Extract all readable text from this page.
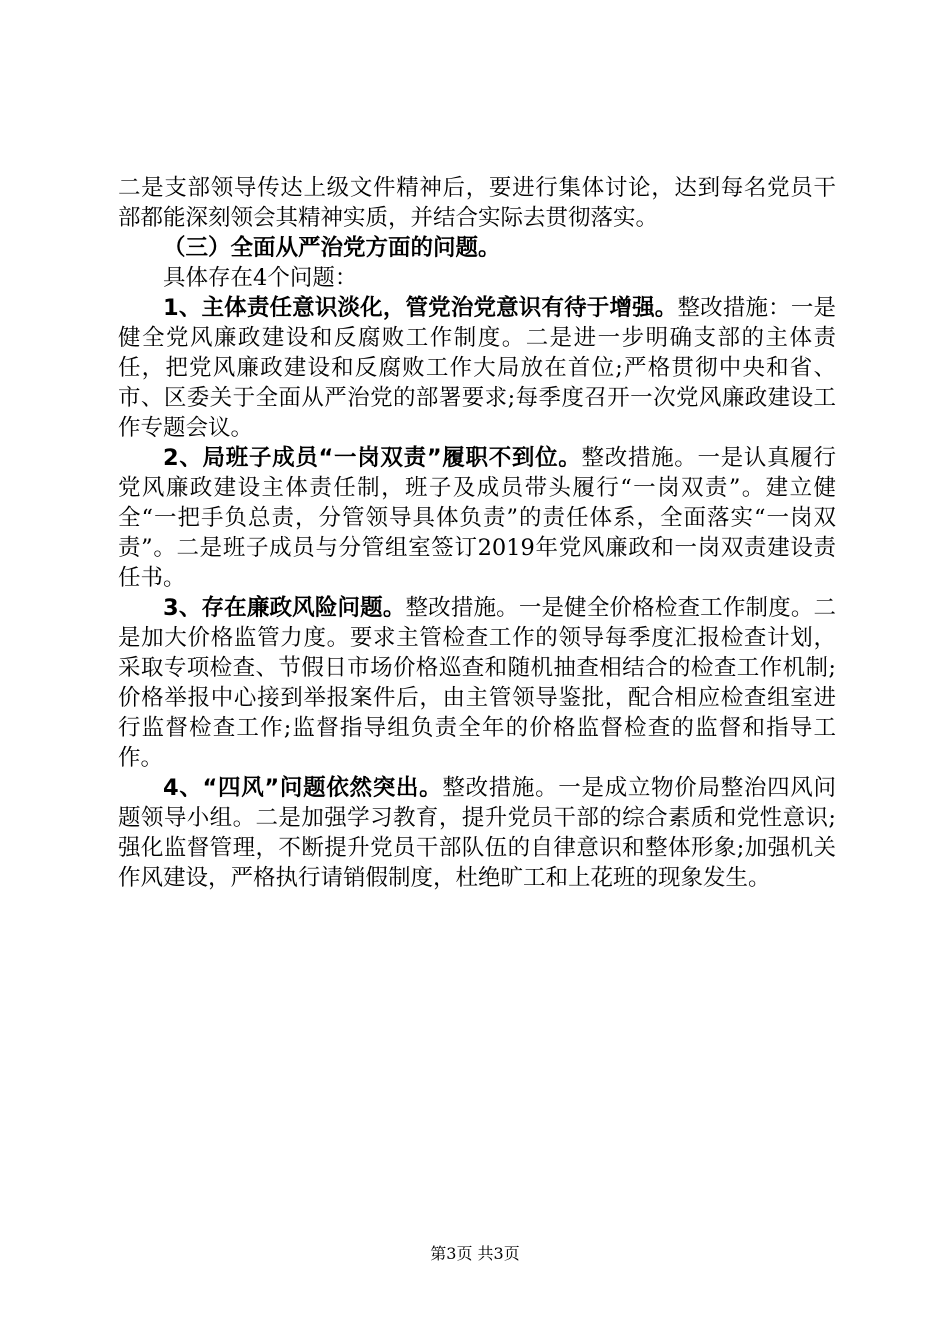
二是支部领导传达上级文件精神后，要进行集体讨论，达到每名党员干部都能深刻领会其精神实质，并结合实际去贯彻落实。

（三）全面从严治党方面的问题。

具体存在4个问题：

1、主体责任意识淡化，管党治党意识有待于增强。整改措施：一是健全党风廉政建设和反腐败工作制度。二是进一步明确支部的主体责任，把党风廉政建设和反腐败工作大局放在首位;严格贯彻中央和省、市、区委关于全面从严治党的部署要求;每季度召开一次党风廉政建设工作专题会议。

2、局班子成员“一岗双责”履职不到位。整改措施。一是认真履行党风廉政建设主体责任制，班子及成员带头履行“一岗双责”。建立健全“一把手负总责，分管领导具体负责”的责任体系，全面落实“一岗双责”。二是班子成员与分管组室签订2019年党风廉政和一岗双责建设责任书。

3、存在廉政风险问题。整改措施。一是健全价格检查工作制度。二是加大价格监管力度。要求主管检查工作的领导每季度汇报检查计划，采取专项检查、节假日市场价格巡查和随机抽查相结合的检查工作机制;价格举报中心接到举报案件后，由主管领导鉴批，配合相应检查组室进行监督检查工作;监督指导组负责全年的价格监督检查的监督和指导工作。

4、“四风”问题依然突出。整改措施。一是成立物价局整治四风问题领导小组。二是加强学习教育，提升党员干部的综合素质和党性意识;强化监督管理，不断提升党员干部队伍的自律意识和整体形象;加强机关作风建设，严格执行请销假制度，杜绝旷工和上花班的现象发生。

第3页 共3页
